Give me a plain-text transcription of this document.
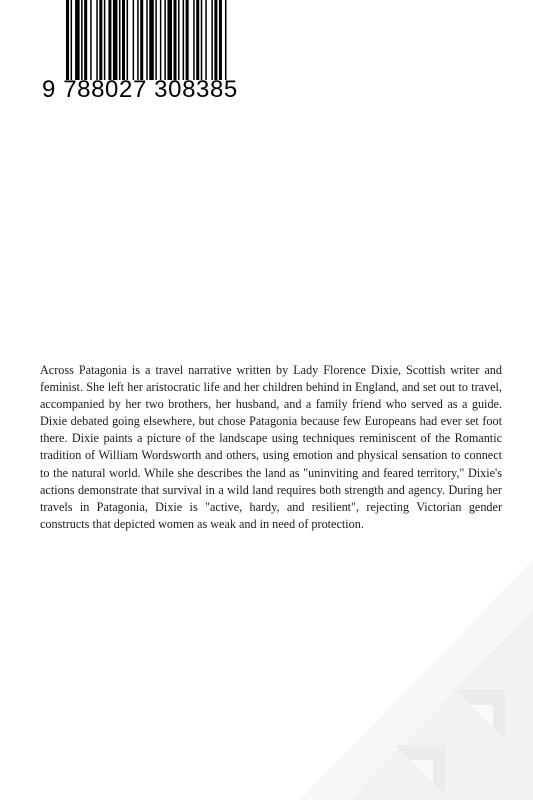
9 788027 308385

Across Patagonia is a travel narrative written by Lady Florence Dixie, Scottish writer and feminist. She left her aristocratic life and her children behind in England, and set out to travel, accompanied by her two brothers, her husband, and a family friend who served as a guide. Dixie debated going elsewhere, but chose Patagonia because few Europeans had ever set foot there. Dixie paints a picture of the landscape using techniques reminiscent of the Romantic tradition of William Wordsworth and others, using emotion and physical sensation to connect to the natural world. While she describes the land as "uninviting and feared territory," Dixie's actions demonstrate that survival in a wild land requires both strength and agency. During her travels in Patagonia, Dixie is "active, hardy, and resilient", rejecting Victorian gender constructs that depicted women as weak and in need of protection.
